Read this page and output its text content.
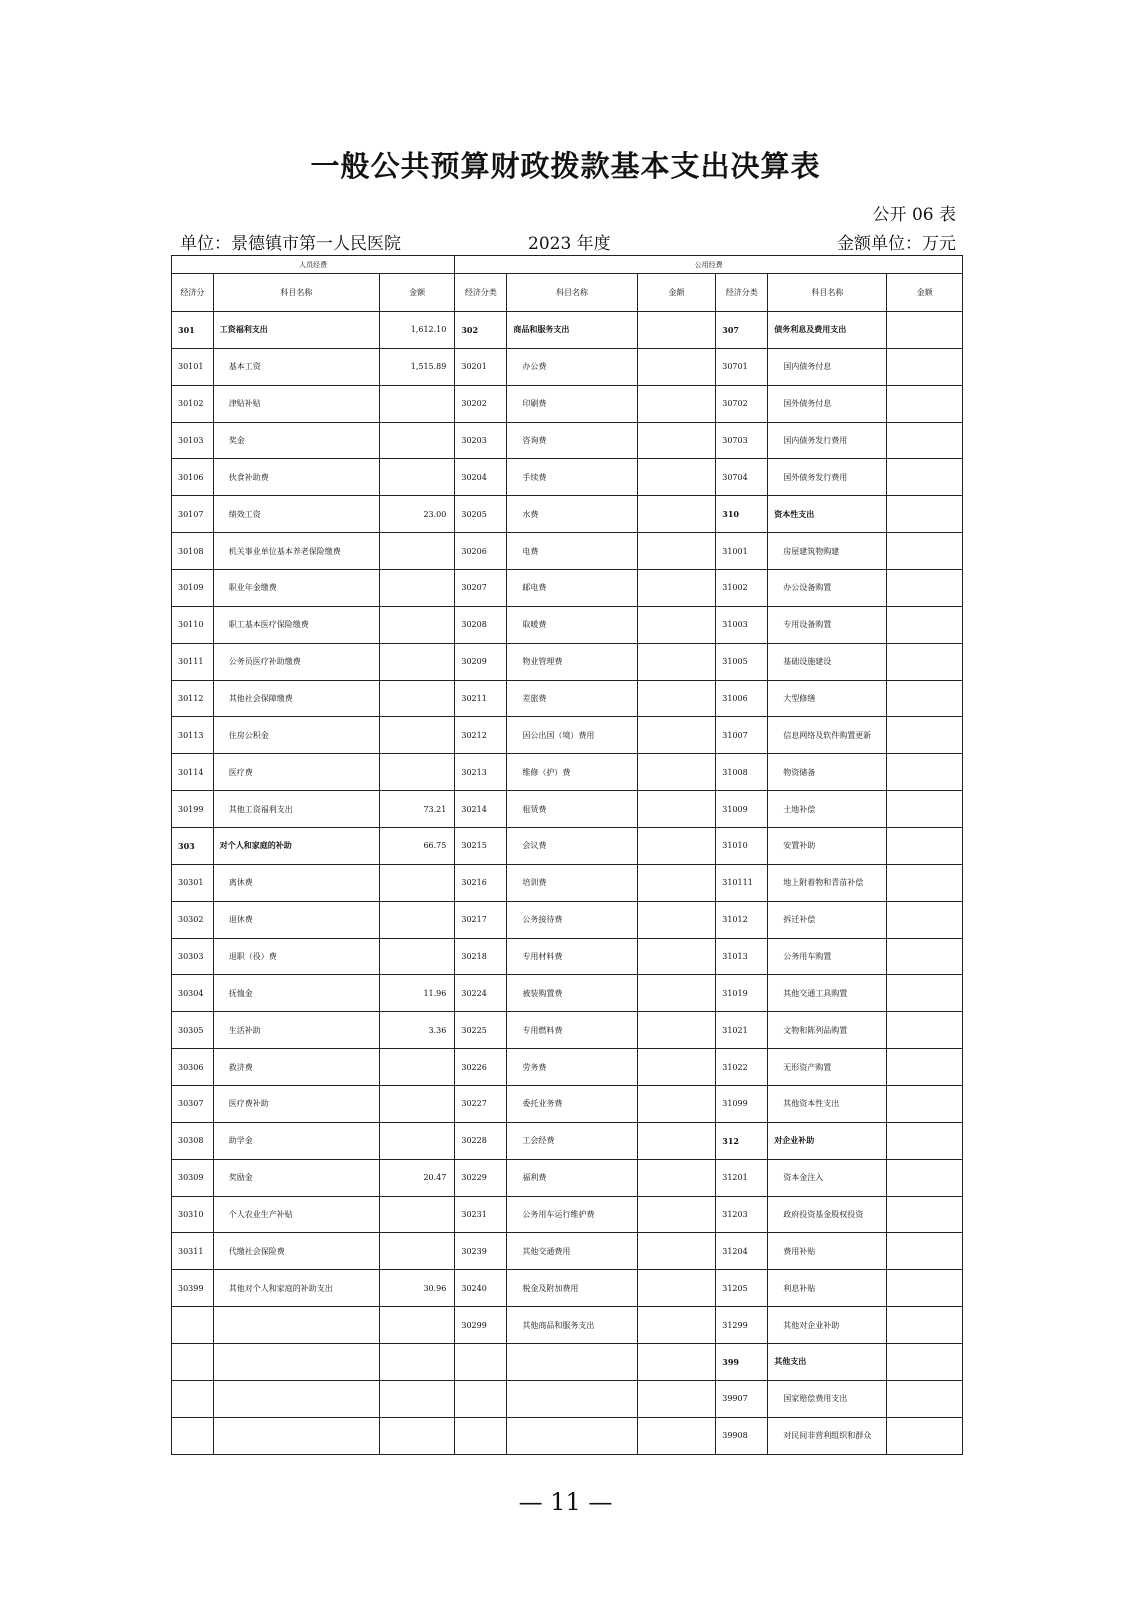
一般公共预算财政拨款基本支出决算表
公开 06 表
单位：景德镇市第一人民医院	2023 年度	金额单位：万元
人员经费			公用经费					
经济分	科目名称	金额	经济分类	科目名称	金额	经济分类	科目名称	金额
301	工资福利支出	1,612.10	302	商品和服务支出		307	债务利息及费用支出	
30101	基本工资	1,515.89	30201	办公费		30701	国内债务付息	
30102	津贴补贴		30202	印刷费		30702	国外债务付息	
30103	奖金		30203	咨询费		30703	国内债务发行费用	
30106	伙食补助费		30204	手续费		30704	国外债务发行费用	
30107	绩效工资	23.00	30205	水费		310	资本性支出	
30108	机关事业单位基本养老保险缴费		30206	电费		31001	房屋建筑物购建	
30109	职业年金缴费		30207	邮电费		31002	办公设备购置	
30110	职工基本医疗保险缴费		30208	取暖费		31003	专用设备购置	
30111	公务员医疗补助缴费		30209	物业管理费		31005	基础设施建设	
30112	其他社会保障缴费		30211	差旅费		31006	大型修缮	
30113	住房公积金		30212	因公出国（境）费用		31007	信息网络及软件购置更新	
30114	医疗费		30213	维修（护）费		31008	物资储备	
30199	其他工资福利支出	73.21	30214	租赁费		31009	土地补偿	
303	对个人和家庭的补助	66.75	30215	会议费		31010	安置补助	
30301	离休费		30216	培训费		310111	地上附着物和青苗补偿	
30302	退休费		30217	公务接待费		31012	拆迁补偿	
30303	退职（役）费		30218	专用材料费		31013	公务用车购置	
30304	抚恤金	11.96	30224	被装购置费		31019	其他交通工具购置	
30305	生活补助	3.36	30225	专用燃料费		31021	文物和陈列品购置	
30306	救济费		30226	劳务费		31022	无形资产购置	
30307	医疗费补助		30227	委托业务费		31099	其他资本性支出	
30308	助学金		30228	工会经费		312	对企业补助	
30309	奖励金	20.47	30229	福利费		31201	资本金注入	
30310	个人农业生产补贴		30231	公务用车运行维护费		31203	政府投资基金股权投资	
30311	代缴社会保险费		30239	其他交通费用		31204	费用补贴	
30399	其他对个人和家庭的补助支出	30.96	30240	税金及附加费用		31205	利息补贴	
			30299	其他商品和服务支出		31299	其他对企业补助	
						399	其他支出	
						39907	国家赔偿费用支出	
						39908	对民间非营利组织和群众	
— 11 —
